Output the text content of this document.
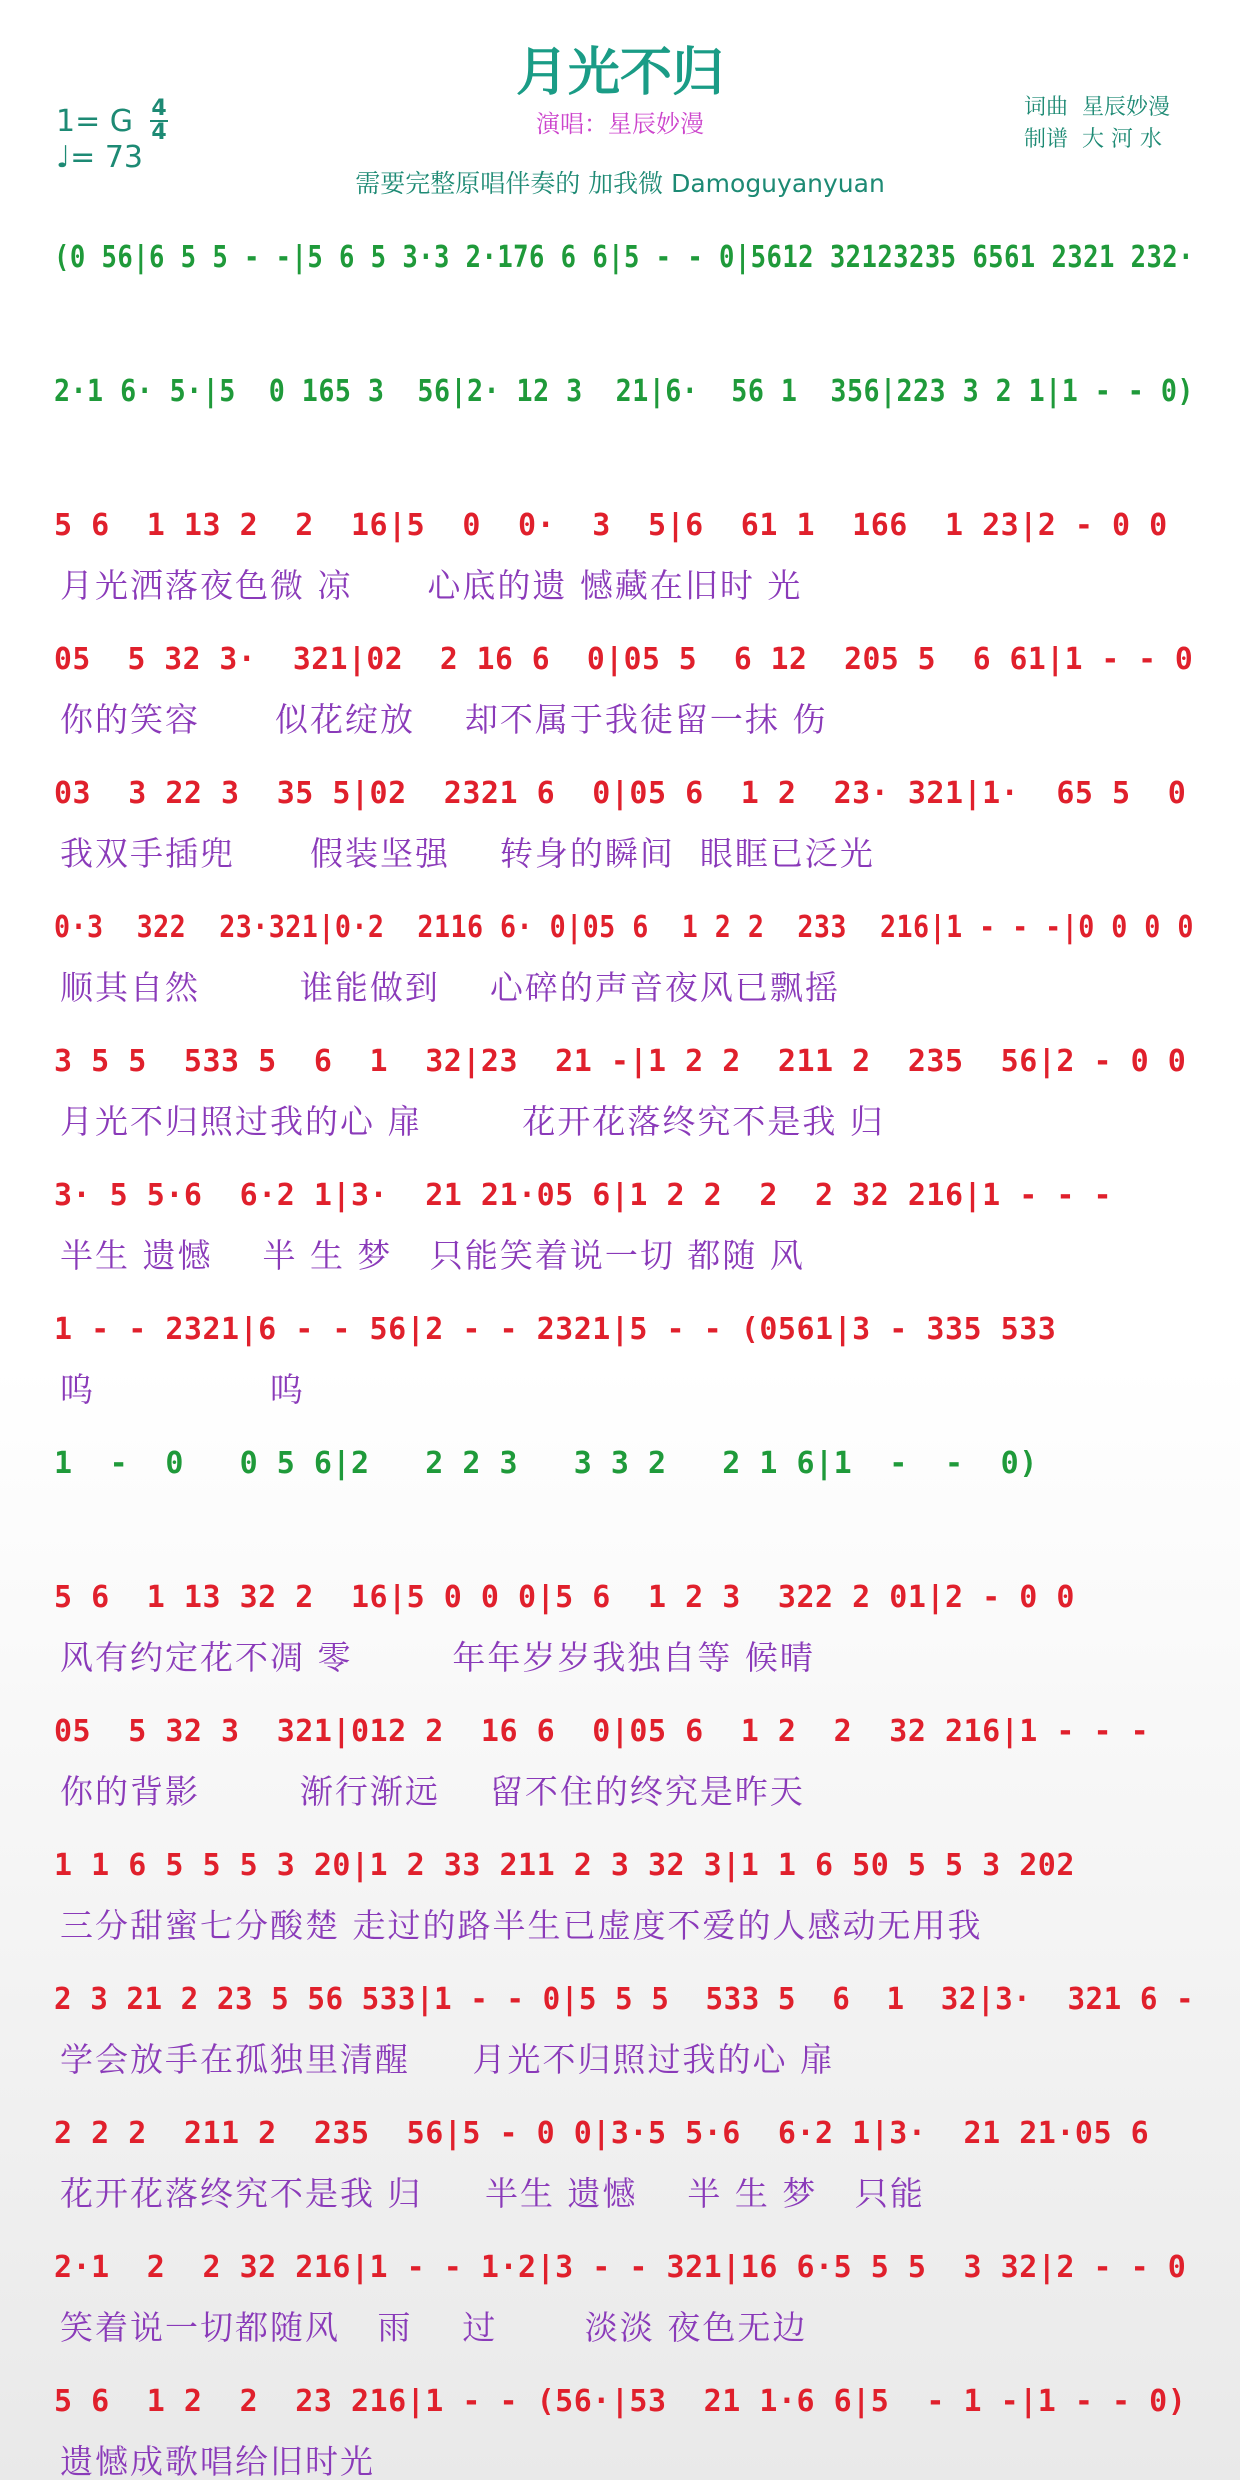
月光不归
演唱：星辰妙漫
1= G 4
4
♩= 73
词曲  星辰妙漫
制谱  大 河 水
需要完整原唱伴奏的 加我微 Damoguyanyuan
(0 56|6 5 5 - -|5 6 5 3·3 2·176 6 6|5 - - 0|5612 32123235 6561 2321 232·
2·1 6· 5·|5  0 165 3  56|2· 12 3  21|6·  56 1  356|223 3 2 1|1 - - 0)
5 6  1 13 2  2  16|5  0  0·  3  5|6  61 1  166  1 23|2 - 0 0
月光洒落夜色微 凉      心底的遗 憾藏在旧时 光
05  5 32 3·  321|02  2 16 6  0|05 5  6 12  205 5  6 61|1 - - 0
你的笑容      似花绽放    却不属于我徒留一抹 伤
03  3 22 3  35 5|02  2321 6  0|05 6  1 2  23· 321|1·  65 5  0
我双手插兜      假装坚强    转身的瞬间  眼眶已泛光
0·3  322  23·321|0·2  2116 6· 0|05 6  1 2 2  233  216|1 - - -|0 0 0 0
顺其自然        谁能做到    心碎的声音夜风已飘摇
3 5 5  533 5  6  1  32|23  21 -|1 2 2  211 2  235  56|2 - 0 0
月光不归照过我的心 扉        花开花落终究不是我 归
3· 5 5·6  6·2 1|3·  21 21·05 6|1 2 2  2  2 32 216|1 - - -
半生 遗憾    半 生 梦   只能笑着说一切 都随 风
1 - - 2321|6 - - 56|2 - - 2321|5 - - (0561|3 - 335 533
呜              呜
1  -  0   0 5 6|2   2 2 3   3 3 2   2 1 6|1  -  -  0)
5 6  1 13 32 2  16|5 0 0 0|5 6  1 2 3  322 2 01|2 - 0 0
风有约定花不凋 零        年年岁岁我独自等 候晴
05  5 32 3  321|012 2  16 6  0|05 6  1 2  2  32 216|1 - - -
你的背影        渐行渐远    留不住的终究是昨天
1 1 6 5 5 5 3 20|1 2 33 211 2 3 32 3|1 1 6 50 5 5 3 202
三分甜蜜七分酸楚 走过的路半生已虚度不爱的人感动无用我
2 3 21 2 23 5 56 533|1 - - 0|5 5 5  533 5  6  1  32|3·  321 6 -
学会放手在孤独里清醒     月光不归照过我的心 扉
2 2 2  211 2  235  56|5 - 0 0|3·5 5·6  6·2 1|3·  21 21·05 6
花开花落终究不是我 归     半生 遗憾    半 生 梦   只能
2·1  2  2 32 216|1 - - 1·2|3 - - 321|16 6·5 5 5  3 32|2 - - 0
笑着说一切都随风   雨    过       淡淡 夜色无边
5 6  1 2  2  23 216|1 - - (56·|53  21 1·6 6|5  - 1 -|1 - - 0)
遗憾成歌唱给旧时光
